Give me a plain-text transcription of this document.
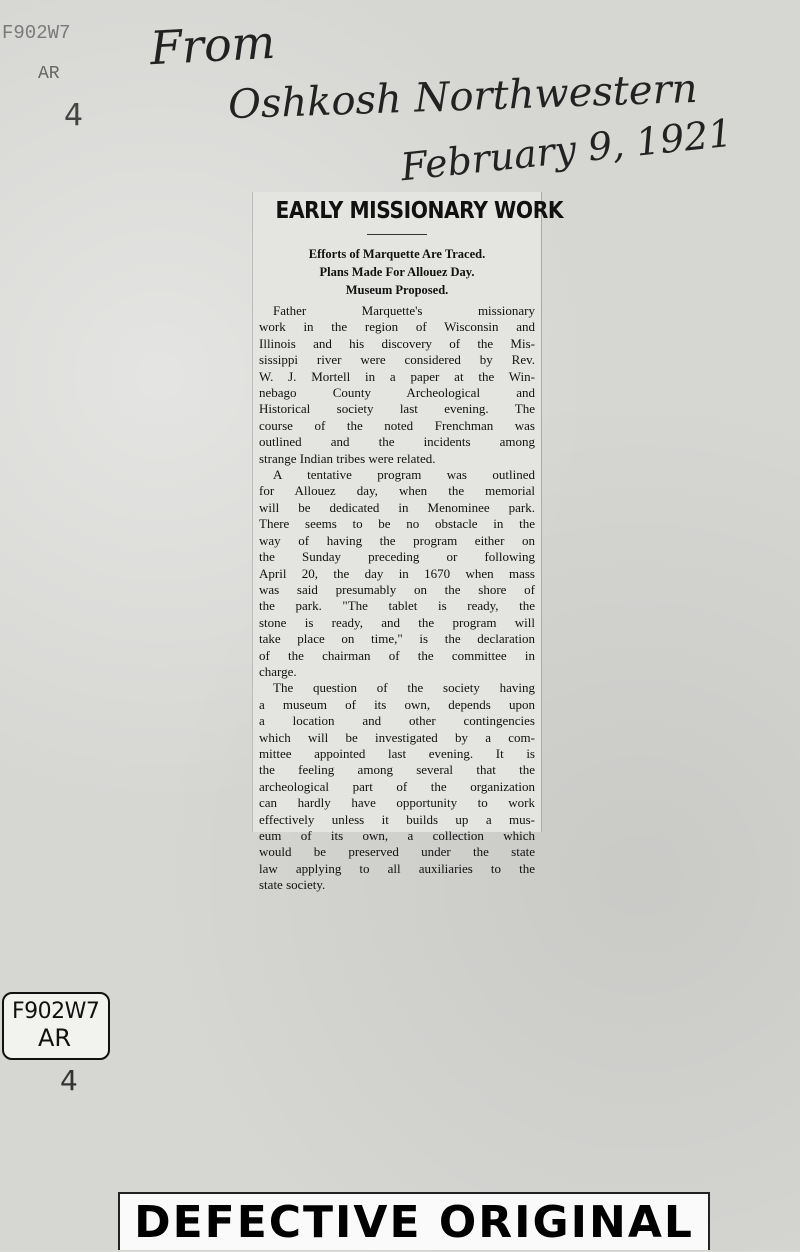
F902W7
AR
4
From
Oshkosh Northwestern
February 9, 1921
EARLY MISSIONARY WORK
Efforts of Marquette Are Traced.
Plans Made For Allouez Day.
Museum Proposed.
Father Marquette's missionary
work in the region of Wisconsin and
Illinois and his discovery of the Mis-
sissippi river were considered by Rev.
W. J. Mortell in a paper at the Win-
nebago County Archeological and
Historical society last evening. The
course of the noted Frenchman was
outlined and the incidents among
strange Indian tribes were related.
A tentative program was outlined
for Allouez day, when the memorial
will be dedicated in Menominee park.
There seems to be no obstacle in the
way of having the program either on
the Sunday preceding or following
April 20, the day in 1670 when mass
was said presumably on the shore of
the park. "The tablet is ready, the
stone is ready, and the program will
take place on time," is the declaration
of the chairman of the committee in
charge.
The question of the society having
a museum of its own, depends upon
a location and other contingencies
which will be investigated by a com-
mittee appointed last evening. It is
the feeling among several that the
archeological part of the organization
can hardly have opportunity to work
effectively unless it builds up a mus-
eum of its own, a collection which
would be preserved under the state
law applying to all auxiliaries to the
state society.
F902W7
AR
4
DEFECTIVE ORIGINAL
